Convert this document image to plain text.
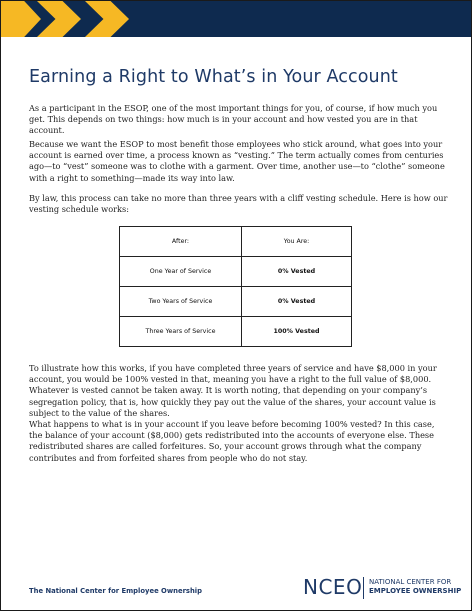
Earning a Right to What’s in Your Account

As a participant in the ESOP, one of the most important things for you, of course, if how much you get. This depends on two things: how much is in your account and how vested you are in that account.

Because we want the ESOP to most benefit those employees who stick around, what goes into your account is earned over time, a process known as “vesting.” The term actually comes from centuries ago—to “vest” someone was to clothe with a garment. Over time, another use—to “clothe” someone with a right to something—made its way into law.

By law, this process can take no more than three years with a cliff vesting schedule. Here is how our vesting schedule works:

After:	You Are:
One Year of Service	0% Vested
Two Years of Service	0% Vested
Three Years of Service	100% Vested

To illustrate how this works, if you have completed three years of service and have $8,000 in your account, you would be 100% vested in that, meaning you have a right to the full value of $8,000. Whatever is vested cannot be taken away. It is worth noting, that depending on your company’s segregation policy, that is, how quickly they pay out the value of the shares, your account value is subject to the value of the shares.

What happens to what is in your account if you leave before becoming 100% vested? In this case, the balance of your account ($8,000) gets redistributed into the accounts of everyone else. These redistributed shares are called forfeitures. So, your account grows through what the company contributes and from forfeited shares from people who do not stay.

The National Center for Employee Ownership	NCEO NATIONAL CENTER FOR
EMPLOYEE OWNERSHIP
